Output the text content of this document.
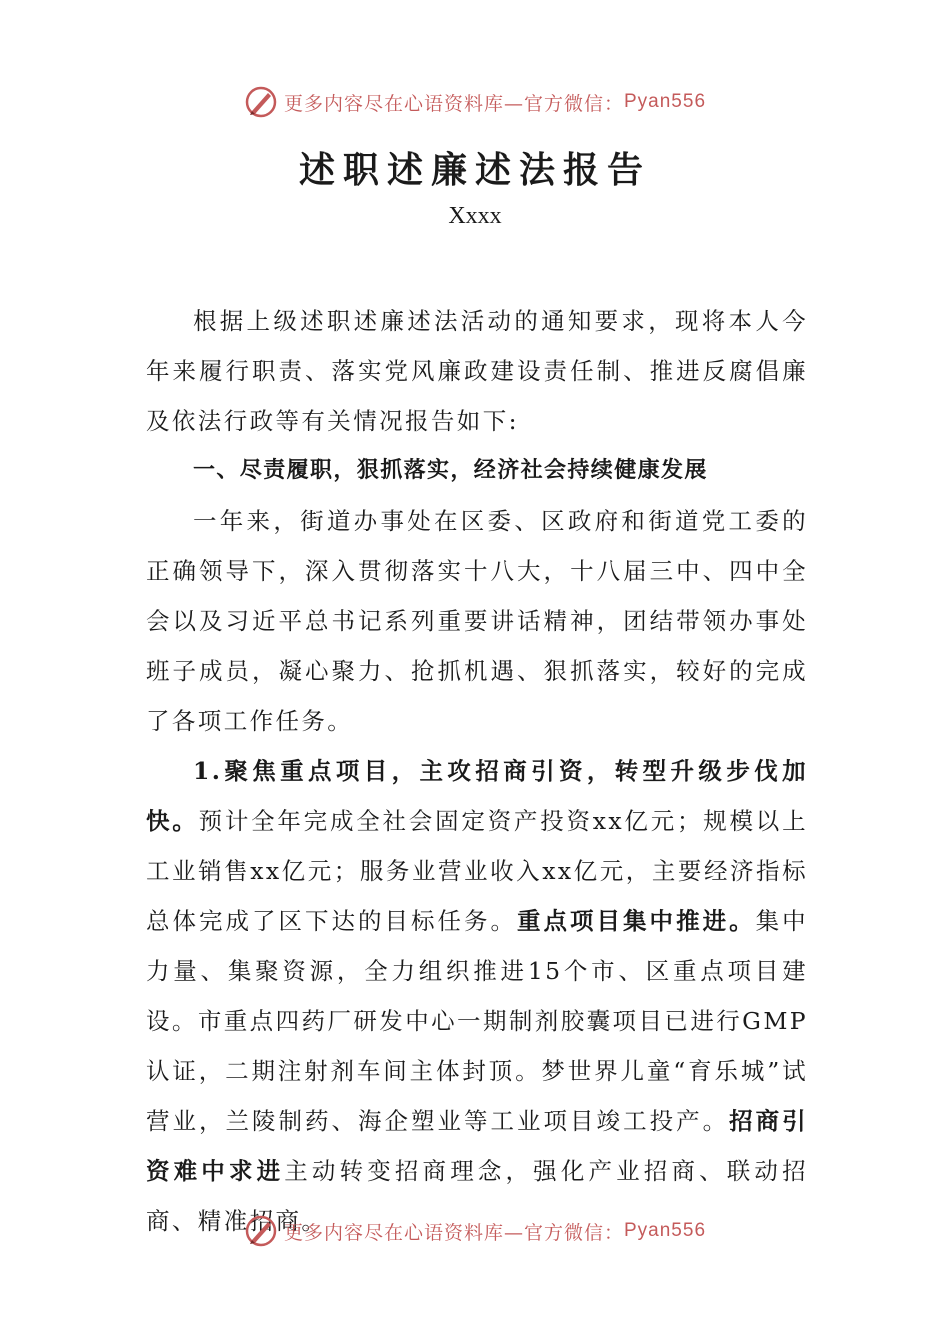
更多内容尽在心语资料库—官方微信： Pyan556
述职述廉述法报告
Xxxx

根据上级述职述廉述法活动的通知要求，现将本人今年来履行职责、落实党风廉政建设责任制、推进反腐倡廉及依法行政等有关情况报告如下:

一、尽责履职，狠抓落实，经济社会持续健康发展

一年来，街道办事处在区委、区政府和街道党工委的正确领导下，深入贯彻落实十八大，十八届三中、四中全会以及习近平总书记系列重要讲话精神，团结带领办事处班子成员，凝心聚力、抢抓机遇、狠抓落实，较好的完成了各项工作任务。

1.聚焦重点项目，主攻招商引资，转型升级步伐加快。预计全年完成全社会固定资产投资xx亿元；规模以上工业销售xx亿元；服务业营业收入xx亿元，主要经济指标总体完成了区下达的目标任务。重点项目集中推进。集中力量、集聚资源，全力组织推进15个市、区重点项目建设。市重点四药厂研发中心一期制剂胶囊项目已进行GMP认证，二期注射剂车间主体封顶。梦世界儿童“育乐城”试营业，兰陵制药、海企塑业等工业项目竣工投产。招商引资难中求进主动转变招商理念，强化产业招商、联动招商、精准招商。

更多内容尽在心语资料库—官方微信： Pyan556
